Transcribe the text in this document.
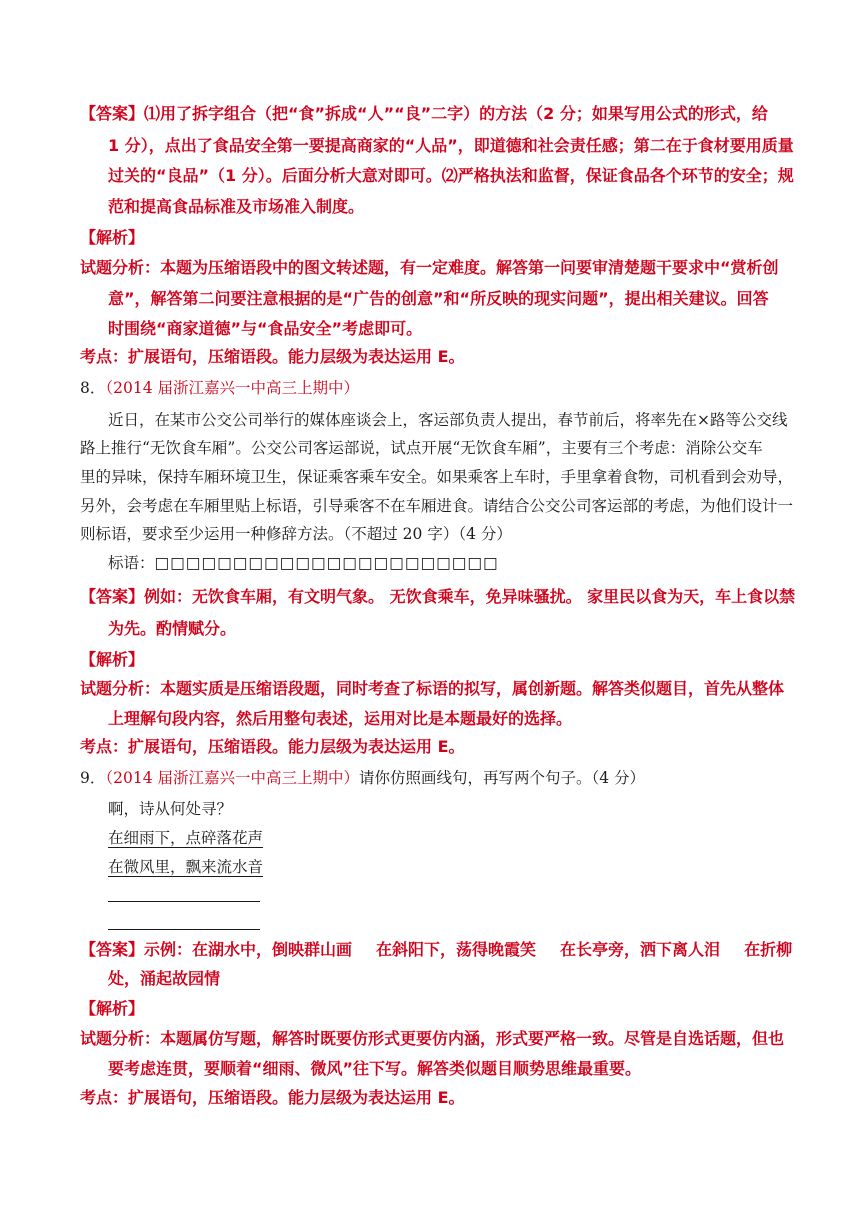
【答案】⑴用了拆字组合（把“食”拆成“人”“良”二字）的方法（2 分；如果写用公式的形式，给
1 分），点出了食品安全第一要提高商家的“人品”，即道德和社会责任感；第二在于食材要用质量
过关的“良品”（1 分）。后面分析大意对即可。⑵严格执法和监督，保证食品各个环节的安全；规
范和提高食品标准及市场准入制度。
【解析】
试题分析：本题为压缩语段中的图文转述题，有一定难度。解答第一问要审清楚题干要求中“赏析创
意”，解答第二问要注意根据的是“广告的创意”和“所反映的现实问题”，提出相关建议。回答
时围绕“商家道德”与“食品安全”考虑即可。
考点：扩展语句，压缩语段。能力层级为表达运用 E。
8．（2014 届浙江嘉兴一中高三上期中）
近日，在某市公交公司举行的媒体座谈会上，客运部负责人提出，春节前后，将率先在×路等公交线
路上推行“无饮食车厢”。公交公司客运部说，试点开展“无饮食车厢”，主要有三个考虑：消除公交车
里的异味，保持车厢环境卫生，保证乘客乘车安全。如果乘客上车时，手里拿着食物，司机看到会劝导，
另外，会考虑在车厢里贴上标语，引导乘客不在车厢进食。请结合公交公司客运部的考虑，为他们设计一
则标语，要求至少运用一种修辞方法。（不超过 20 字）（4 分）
标语：□□□□□□□□□□□□□□□□□□□□□□
【答案】例如：无饮食车厢，有文明气象。 无饮食乘车，免异味骚扰。 家里民以食为天，车上食以禁
为先。酌情赋分。
【解析】
试题分析：本题实质是压缩语段题，同时考查了标语的拟写，属创新题。解答类似题目，首先从整体
上理解句段内容，然后用整句表述，运用对比是本题最好的选择。
考点：扩展语句，压缩语段。能力层级为表达运用 E。
9．（2014 届浙江嘉兴一中高三上期中）请你仿照画线句，再写两个句子。（4 分）
啊，诗从何处寻？
在细雨下，点碎落花声
在微风里，飘来流水音
【答案】示例：在湖水中，倒映群山画 在斜阳下，荡得晚霞笑 在长亭旁，洒下离人泪 在折柳
处，涌起故园情
【解析】
试题分析：本题属仿写题，解答时既要仿形式更要仿内涵，形式要严格一致。尽管是自选话题，但也
要考虑连贯，要顺着“细雨、微风”往下写。解答类似题目顺势思维最重要。
考点：扩展语句，压缩语段。能力层级为表达运用 E。
